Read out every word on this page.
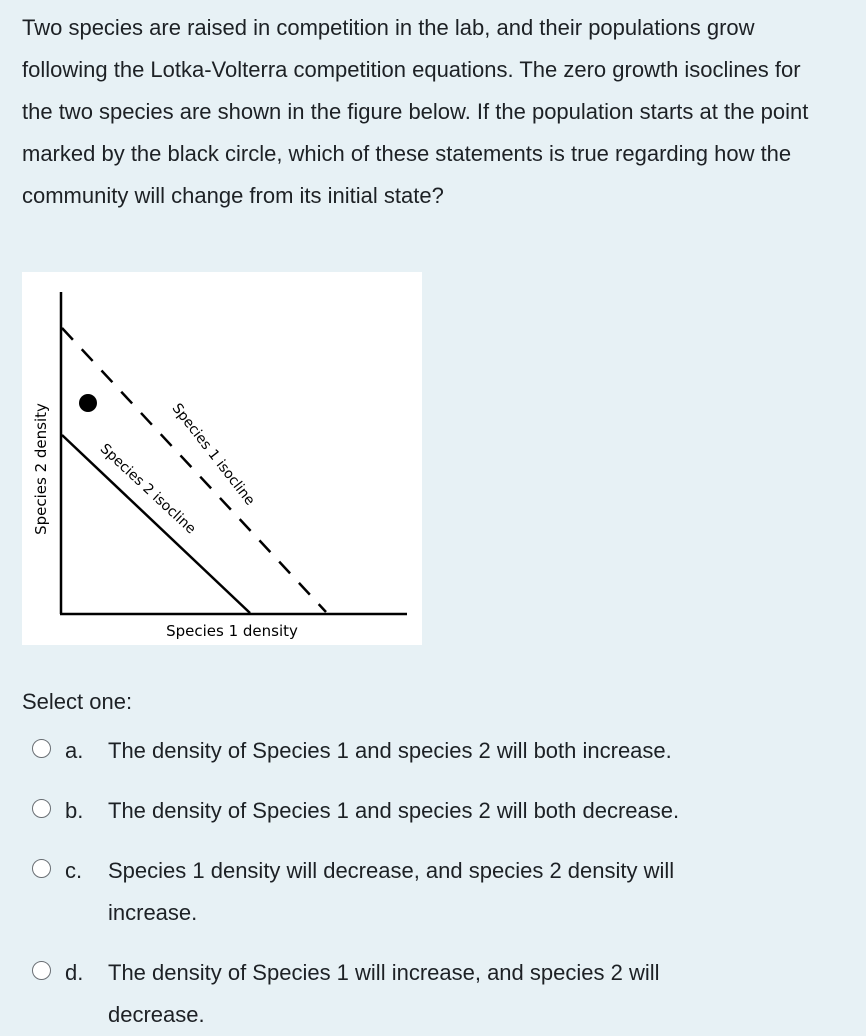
Two species are raised in competition in the lab, and their populations grow following the Lotka-Volterra competition equations. The zero growth isoclines for the two species are shown in the figure below. If the population starts at the point marked by the black circle, which of these statements is true regarding how the community will change from its initial state?

Species 2 density
Species 1 density
Species 1 isocline
Species 2 isocline

Select one:

a. The density of Species 1 and species 2 will both increase.
b. The density of Species 1 and species 2 will both decrease.
c. Species 1 density will decrease, and species 2 density will increase.
d. The density of Species 1 will increase, and species 2 will decrease.
